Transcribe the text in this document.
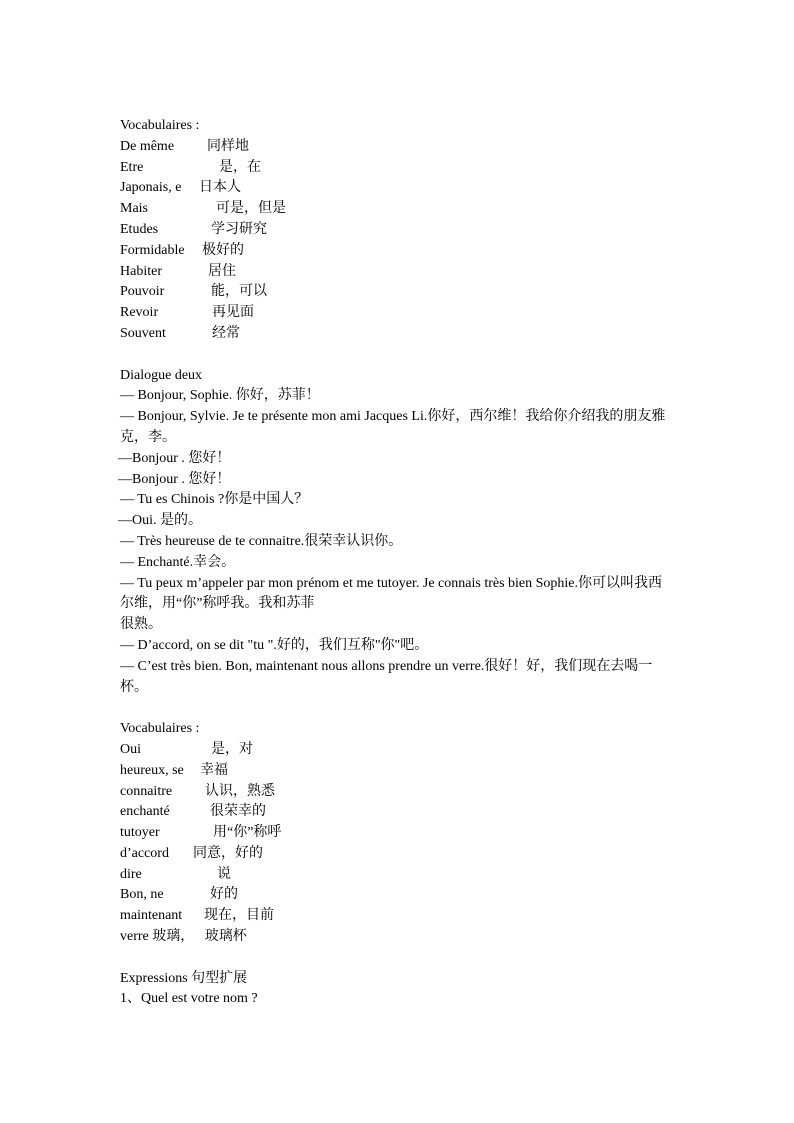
Vocabulaires :
De même 同样地
Etre	是，在
Japonais, e 日本人
Mais	可是，但是
Etudes	学习研究
Formidable 极好的
Habiter	居住
Pouvoir	能，可以
Revoir	再见面
Souvent	经常
Dialogue deux
— Bonjour, Sophie. 你好，苏菲！
— Bonjour, Sylvie. Je te présente mon ami Jacques Li.你好，西尔维！我给你介绍我的朋友雅克，李。
—Bonjour . 您好！
—Bonjour . 您好！
— Tu es Chinois ?你是中国人？
—Oui. 是的。
— Très heureuse de te connaitre.很荣幸认识你。
— Enchanté.幸会。
— Tu peux m’appeler par mon prénom et me tutoyer. Je connais très bien Sophie.你可以叫我西尔维，用“你”称呼我。我和苏菲
很熟。
— D’accord, on se dit "tu ".好的，我们互称"你"吧。
— C’est très bien. Bon, maintenant nous allons prendre un verre.很好！好，我们现在去喝一杯。
Vocabulaires :
Oui	是，对
heureux, se 幸福
connaitre 认识，熟悉
enchanté	很荣幸的
tutoyer	用“你”称呼
d’accord 同意，好的
dire	说
Bon, ne	好的
maintenant 现在，目前
verre 玻璃， 玻璃杯
Expressions 句型扩展
1、Quel est votre nom ?
